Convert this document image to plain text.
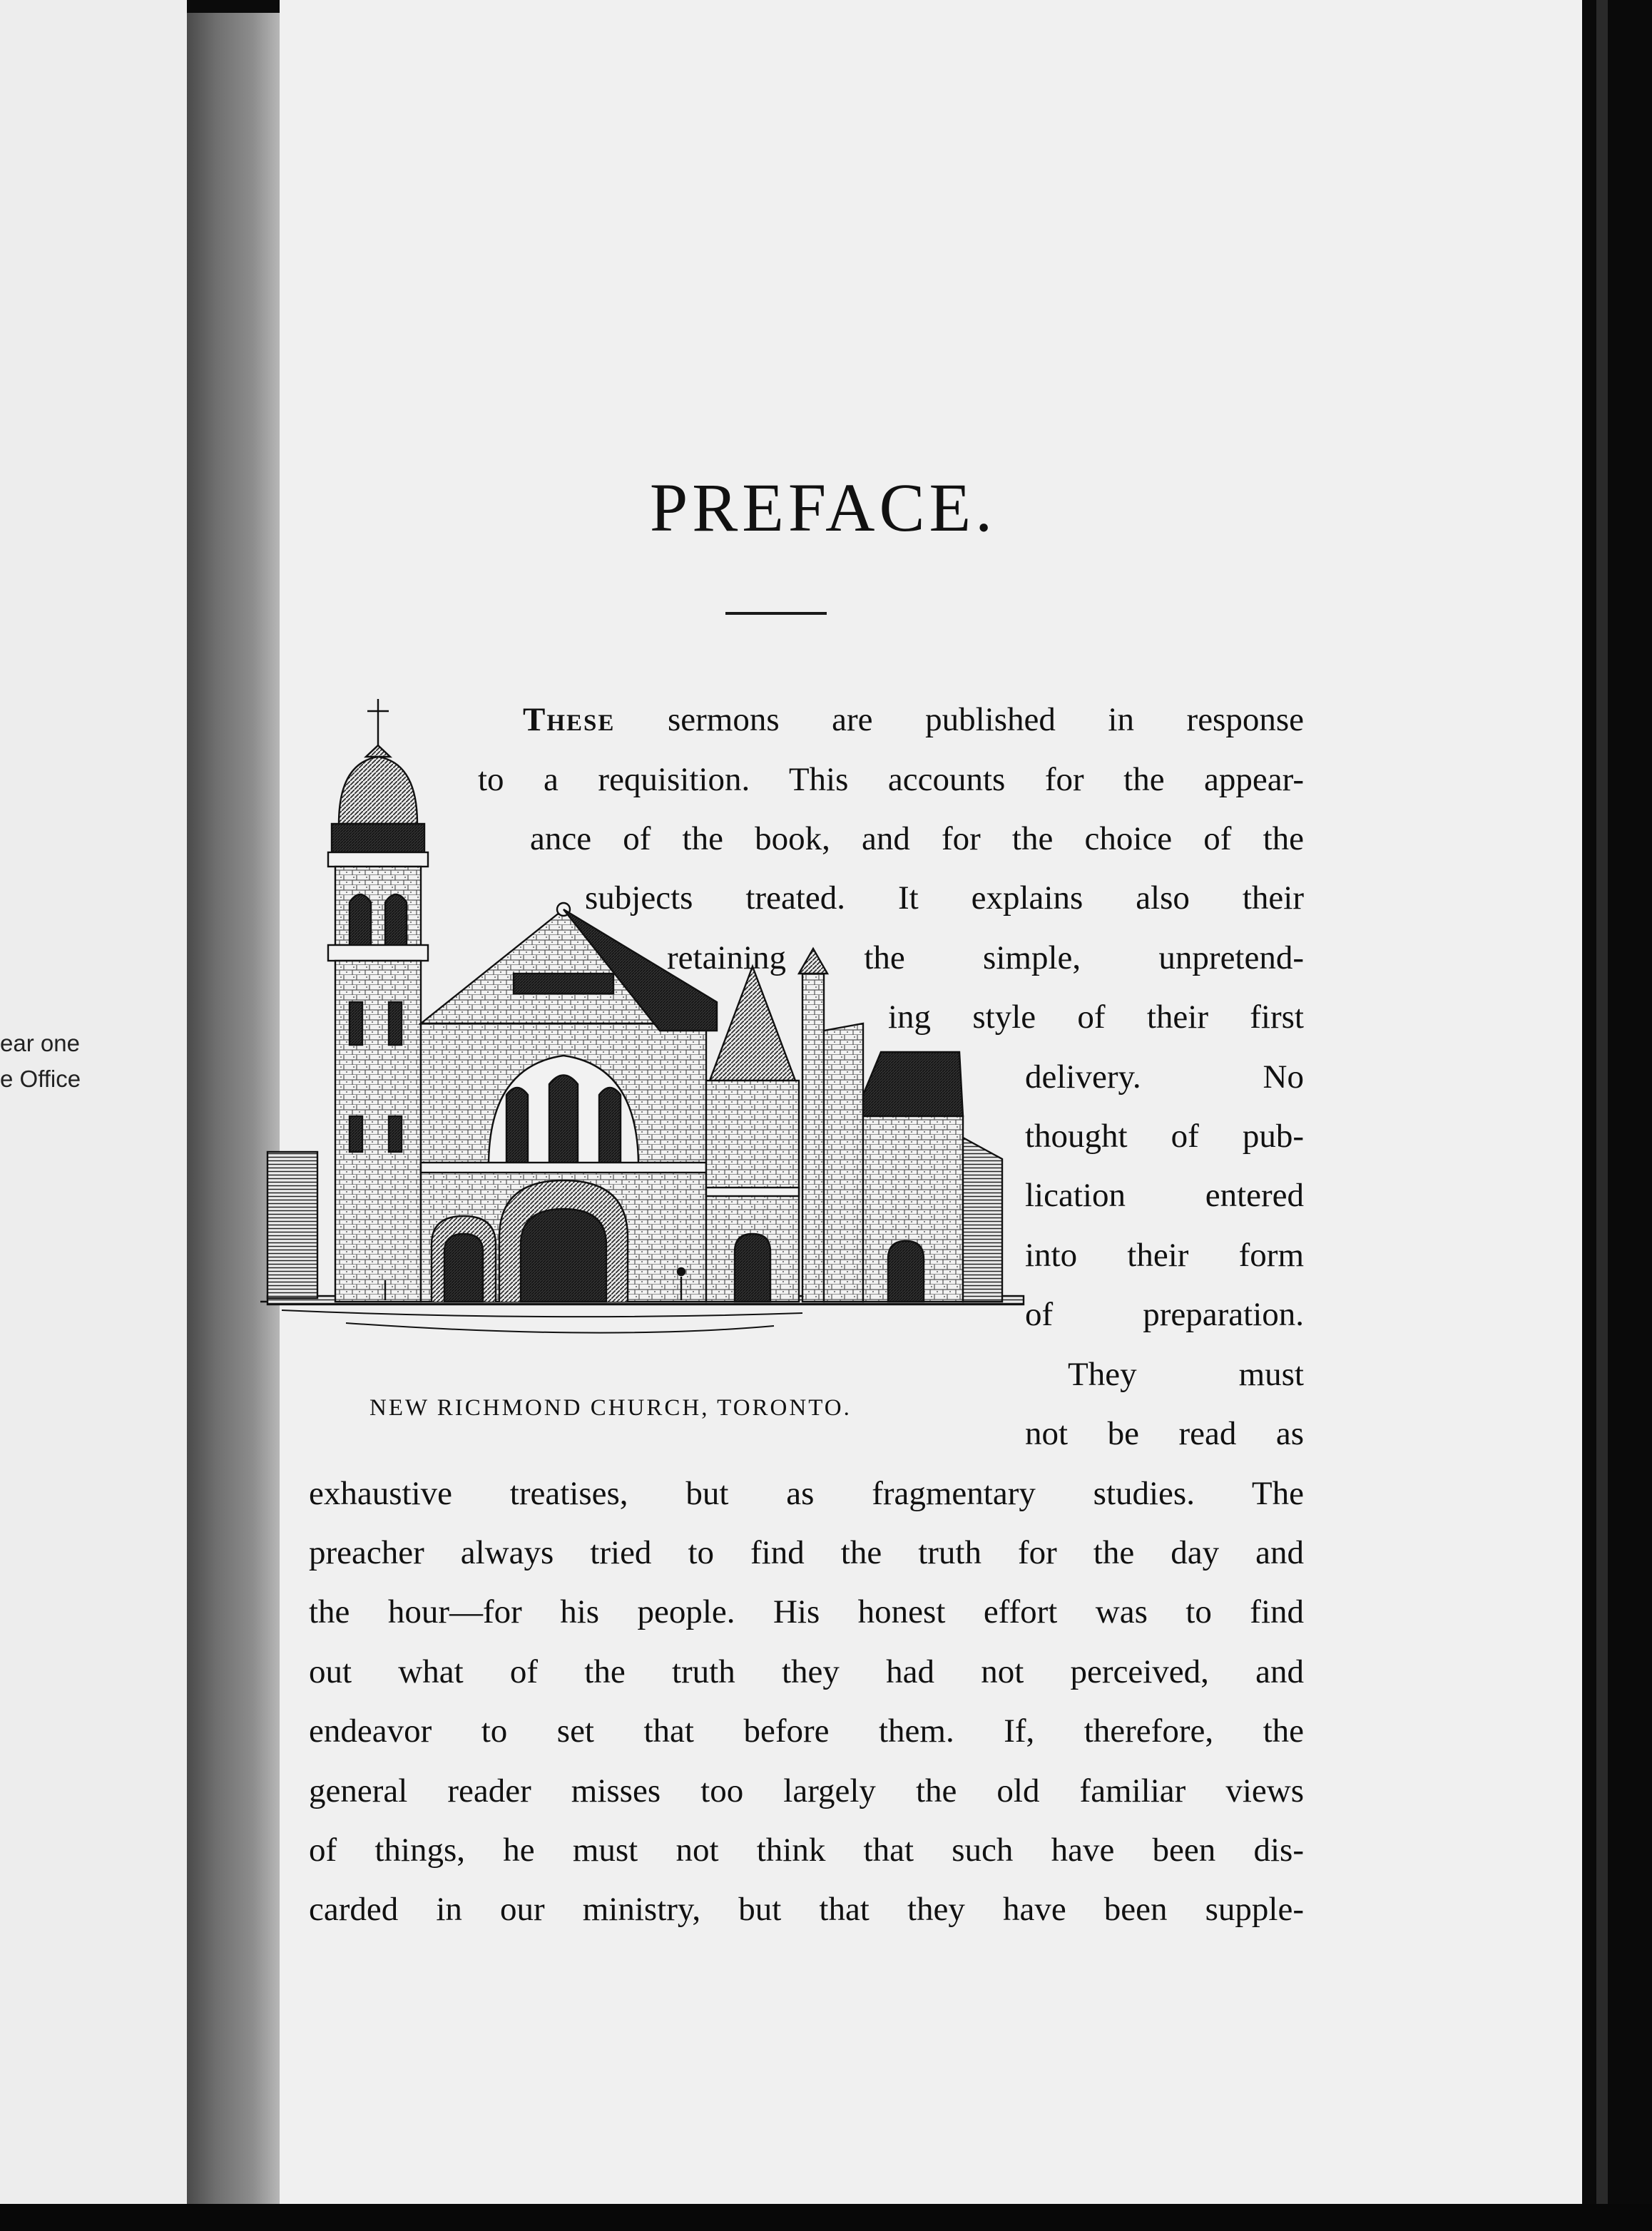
ear one
e Office
PREFACE.
NEW RICHMOND CHURCH, TORONTO.
These sermons are published in response
to a requisition. This accounts for the appear-
ance of the book, and for the choice of the
subjects treated. It explains also their
retaining the simple, unpretend-
ing style of their first
delivery. No
thought of pub-
lication entered
into their form
of preparation.
They must
not be read as
exhaustive treatises, but as fragmentary studies. The
preacher always tried to find the truth for the day and
the hour—for his people. His honest effort was to find
out what of the truth they had not perceived, and
endeavor to set that before them. If, therefore, the
general reader misses too largely the old familiar views
of things, he must not think that such have been dis-
carded in our ministry, but that they have been supple-
